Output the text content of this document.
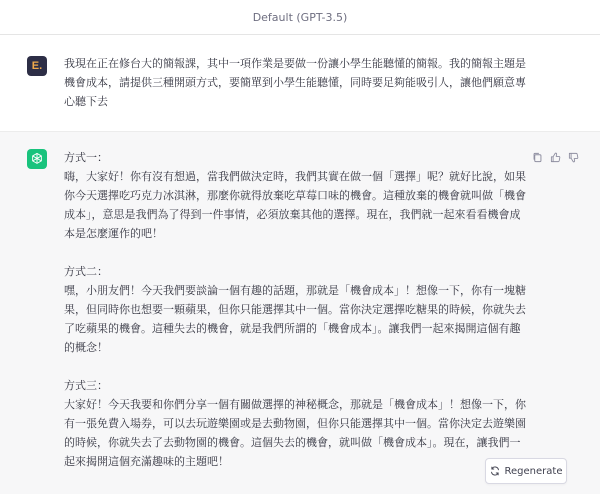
Default (GPT-3.5)
E. 我現在正在修台大的簡報課，其中一項作業是要做一份讓小學生能聽懂的簡報。我的簡報主題是機會成本，請提供三種開頭方式，要簡單到小學生能聽懂，同時要足夠能吸引人，讓他們願意專心聽下去

方式一：
嗨，大家好！你有沒有想過，當我們做決定時，我們其實在做一個「選擇」呢？就好比說，如果你今天選擇吃巧克力冰淇淋，那麼你就得放棄吃草莓口味的機會。這種放棄的機會就叫做「機會成本」，意思是我們為了得到一件事情，必須放棄其他的選擇。現在，我們就一起來看看機會成本是怎麼運作的吧！

方式二：
嘿，小朋友們！今天我們要談論一個有趣的話題，那就是「機會成本」！想像一下，你有一塊糖果，但同時你也想要一顆蘋果，但你只能選擇其中一個。當你決定選擇吃糖果的時候，你就失去了吃蘋果的機會。這種失去的機會，就是我們所謂的「機會成本」。讓我們一起來揭開這個有趣的概念！

方式三：
大家好！今天我要和你們分享一個有關做選擇的神秘概念，那就是「機會成本」！想像一下，你有一張免費入場券，可以去玩遊樂園或是去動物園，但你只能選擇其中一個。當你決定去遊樂園的時候，你就失去了去動物園的機會。這個失去的機會，就叫做「機會成本」。現在，讓我們一起來揭開這個充滿趣味的主題吧！

Regenerate
